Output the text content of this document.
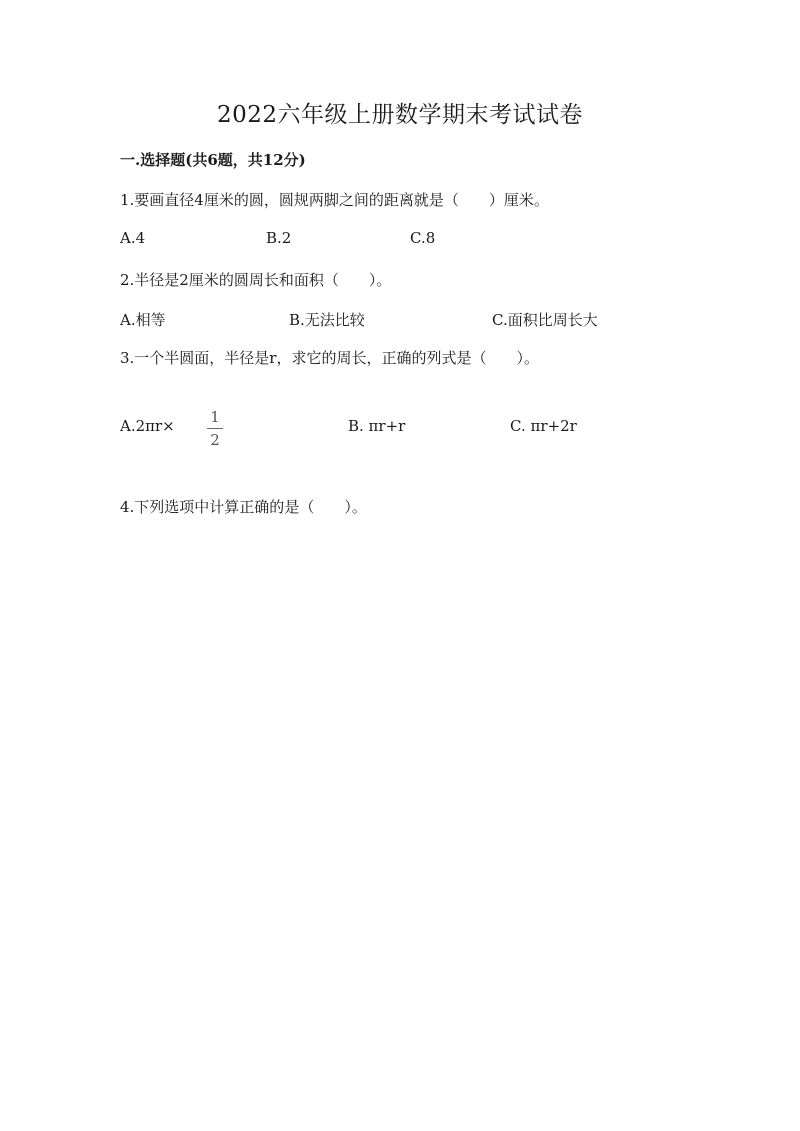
2022六年级上册数学期末考试试卷
一.选择题(共6题，共12分)
1.要画直径4厘米的圆，圆规两脚之间的距离就是（　　）厘米。
A.4	B.2	C.8
2.半径是2厘米的圆周长和面积（　　）。
A.相等	B.无法比较	C.面积比周长大
3.一个半圆面，半径是r，求它的周长，正确的列式是（　　）。
A.2πr× 1
2
B. πr+r	C. πr+2r
4.下列选项中计算正确的是（　　）。
